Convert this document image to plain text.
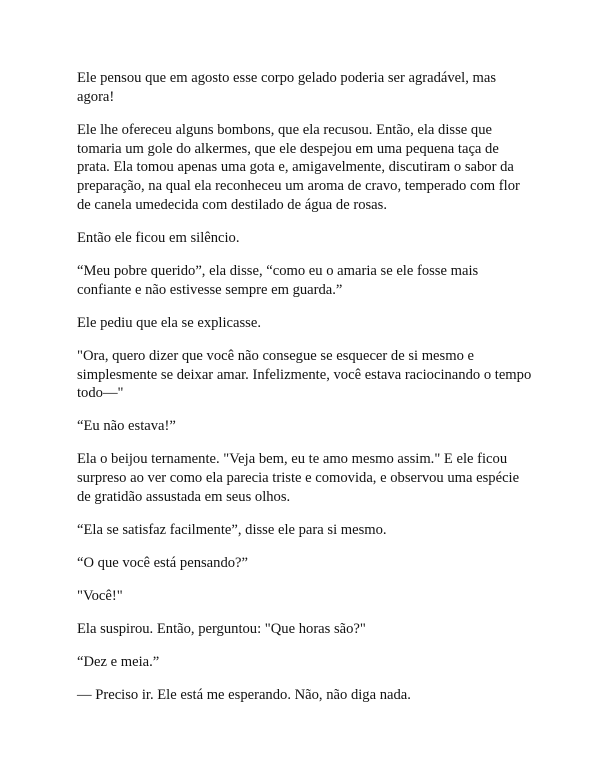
Ele pensou que em agosto esse corpo gelado poderia ser agradável, mas agora!

Ele lhe ofereceu alguns bombons, que ela recusou. Então, ela disse que tomaria um gole do alkermes, que ele despejou em uma pequena taça de prata. Ela tomou apenas uma gota e, amigavelmente, discutiram o sabor da preparação, na qual ela reconheceu um aroma de cravo, temperado com flor de canela umedecida com destilado de água de rosas.

Então ele ficou em silêncio.

“Meu pobre querido”, ela disse, “como eu o amaria se ele fosse mais confiante e não estivesse sempre em guarda.”

Ele pediu que ela se explicasse.

"Ora, quero dizer que você não consegue se esquecer de si mesmo e simplesmente se deixar amar. Infelizmente, você estava raciocinando o tempo todo—"

“Eu não estava!”

Ela o beijou ternamente. "Veja bem, eu te amo mesmo assim." E ele ficou surpreso ao ver como ela parecia triste e comovida, e observou uma espécie de gratidão assustada em seus olhos.

“Ela se satisfaz facilmente”, disse ele para si mesmo.

“O que você está pensando?”

"Você!"

Ela suspirou. Então, perguntou: "Que horas são?"

“Dez e meia.”

— Preciso ir. Ele está me esperando. Não, não diga nada.
